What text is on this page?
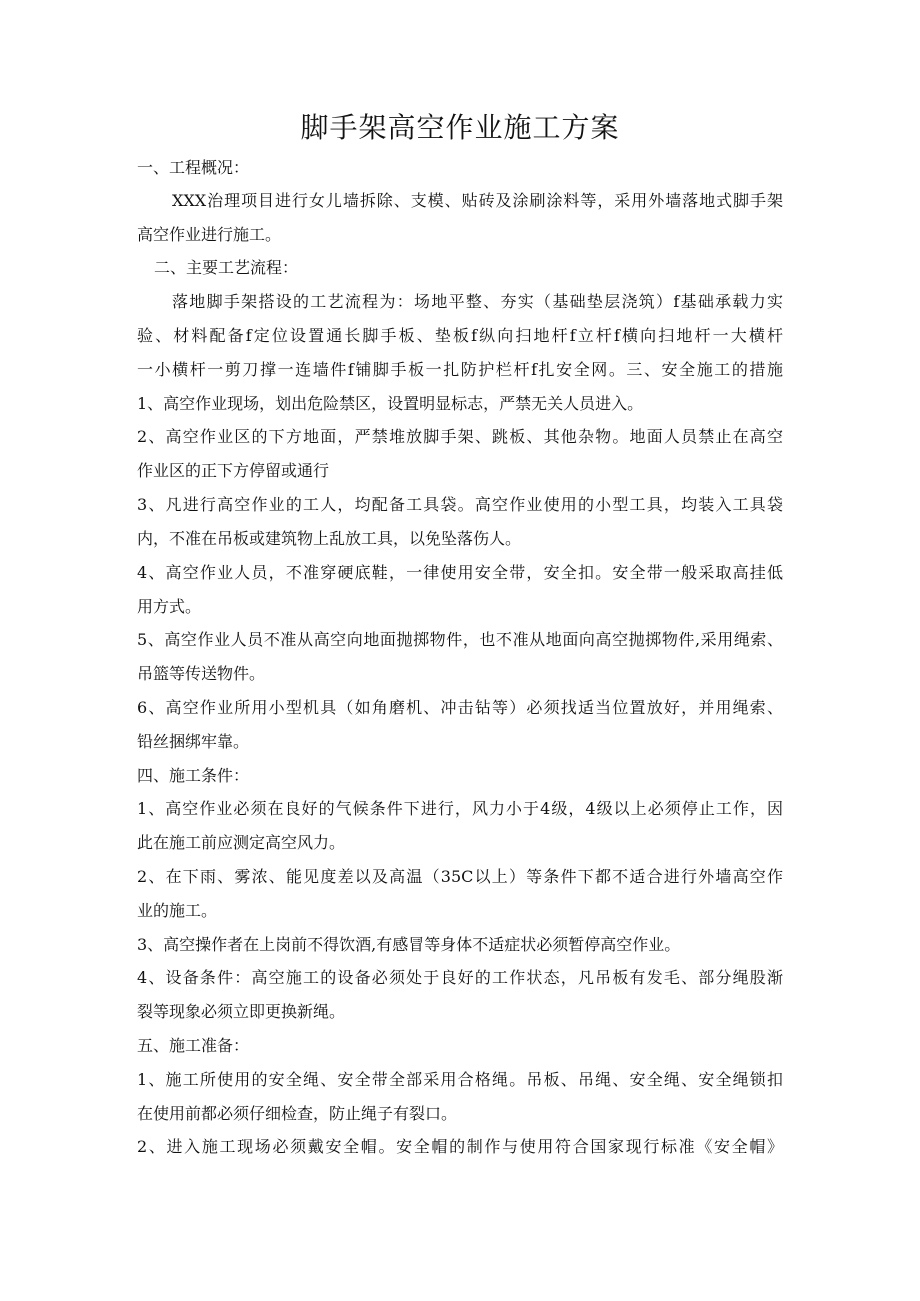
脚手架高空作业施工方案
一、工程概况：
XXX治理项目进行女儿墙拆除、支模、贴砖及涂刷涂料等，采用外墙落地式脚手架
高空作业进行施工。
二、主要工艺流程：
落地脚手架搭设的工艺流程为：场地平整、夯实（基础垫层浇筑）f基础承载力实
验、材料配备f定位设置通长脚手板、垫板f纵向扫地杆f立杆f横向扫地杆一大横杆
一小横杆一剪刀撑一连墙件f铺脚手板一扎防护栏杆f扎安全网。三、安全施工的措施
1、高空作业现场，划出危险禁区，设置明显标志，严禁无关人员进入。
2、高空作业区的下方地面，严禁堆放脚手架、跳板、其他杂物。地面人员禁止在高空
作业区的正下方停留或通行
3、凡进行高空作业的工人，均配备工具袋。高空作业使用的小型工具，均装入工具袋
内，不准在吊板或建筑物上乱放工具，以免坠落伤人。
4、高空作业人员，不准穿硬底鞋，一律使用安全带，安全扣。安全带一般采取高挂低
用方式。
5、高空作业人员不准从高空向地面抛掷物件，也不准从地面向高空抛掷物件,采用绳索、
吊篮等传送物件。
6、高空作业所用小型机具（如角磨机、冲击钻等）必须找适当位置放好，并用绳索、
铅丝捆绑牢靠。
四、施工条件：
1、高空作业必须在良好的气候条件下进行，风力小于4级，4级以上必须停止工作，因
此在施工前应测定高空风力。
2、在下雨、雾浓、能见度差以及高温（35C以上）等条件下都不适合进行外墙高空作
业的施工。
3、高空操作者在上岗前不得饮酒,有感冒等身体不适症状必须暂停高空作业。
4、设备条件：高空施工的设备必须处于良好的工作状态，凡吊板有发毛、部分绳股渐
裂等现象必须立即更换新绳。
五、施工准备：
1、施工所使用的安全绳、安全带全部采用合格绳。吊板、吊绳、安全绳、安全绳锁扣
在使用前都必须仔细检查，防止绳子有裂口。
2、进入施工现场必须戴安全帽。安全帽的制作与使用符合国家现行标准《安全帽》
